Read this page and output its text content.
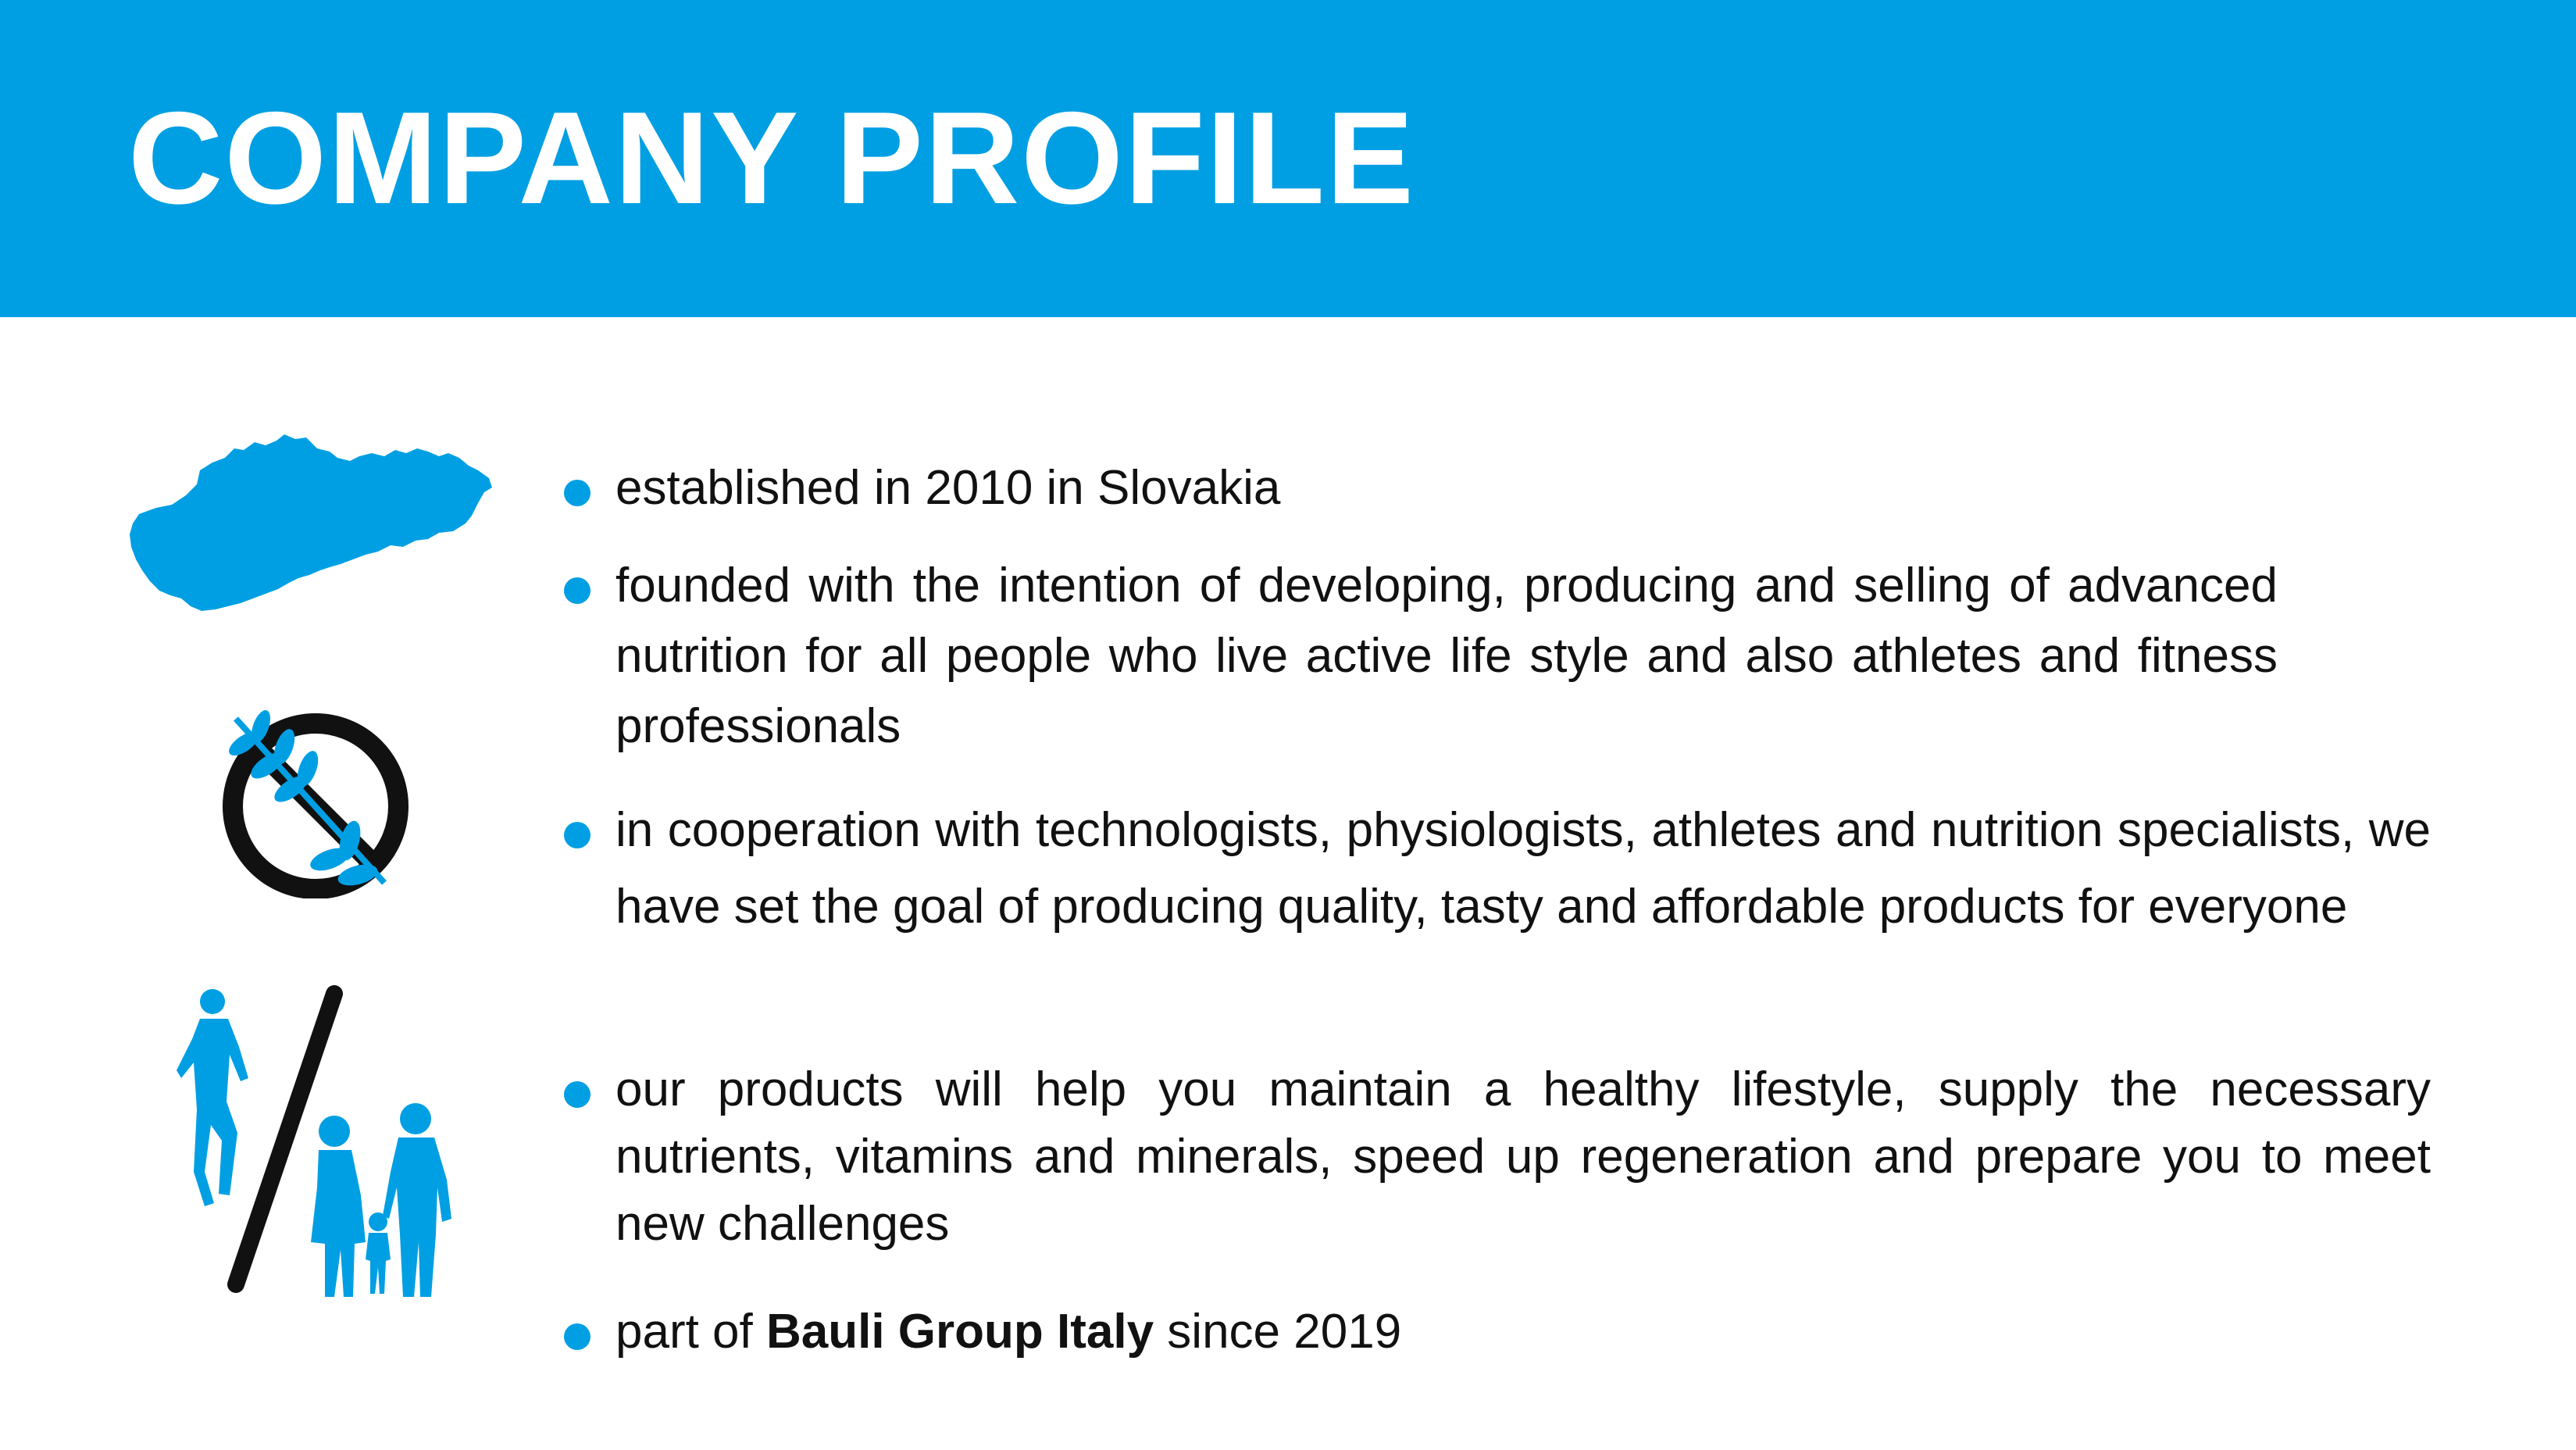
COMPANY PROFILE
established in 2010 in Slovakia
founded with the intention of developing, producing and selling of advanced nutrition for all people who live active life style and also athletes and fitness professionals
in cooperation with technologists, physiologists, athletes and nutrition specialists, we have set the goal of producing quality, tasty and affordable products for everyone
our products will help you maintain a healthy lifestyle, supply the necessary nutrients, vitamins and minerals, speed up regeneration and prepare you to meet new challenges
part of Bauli Group Italy since 2019
